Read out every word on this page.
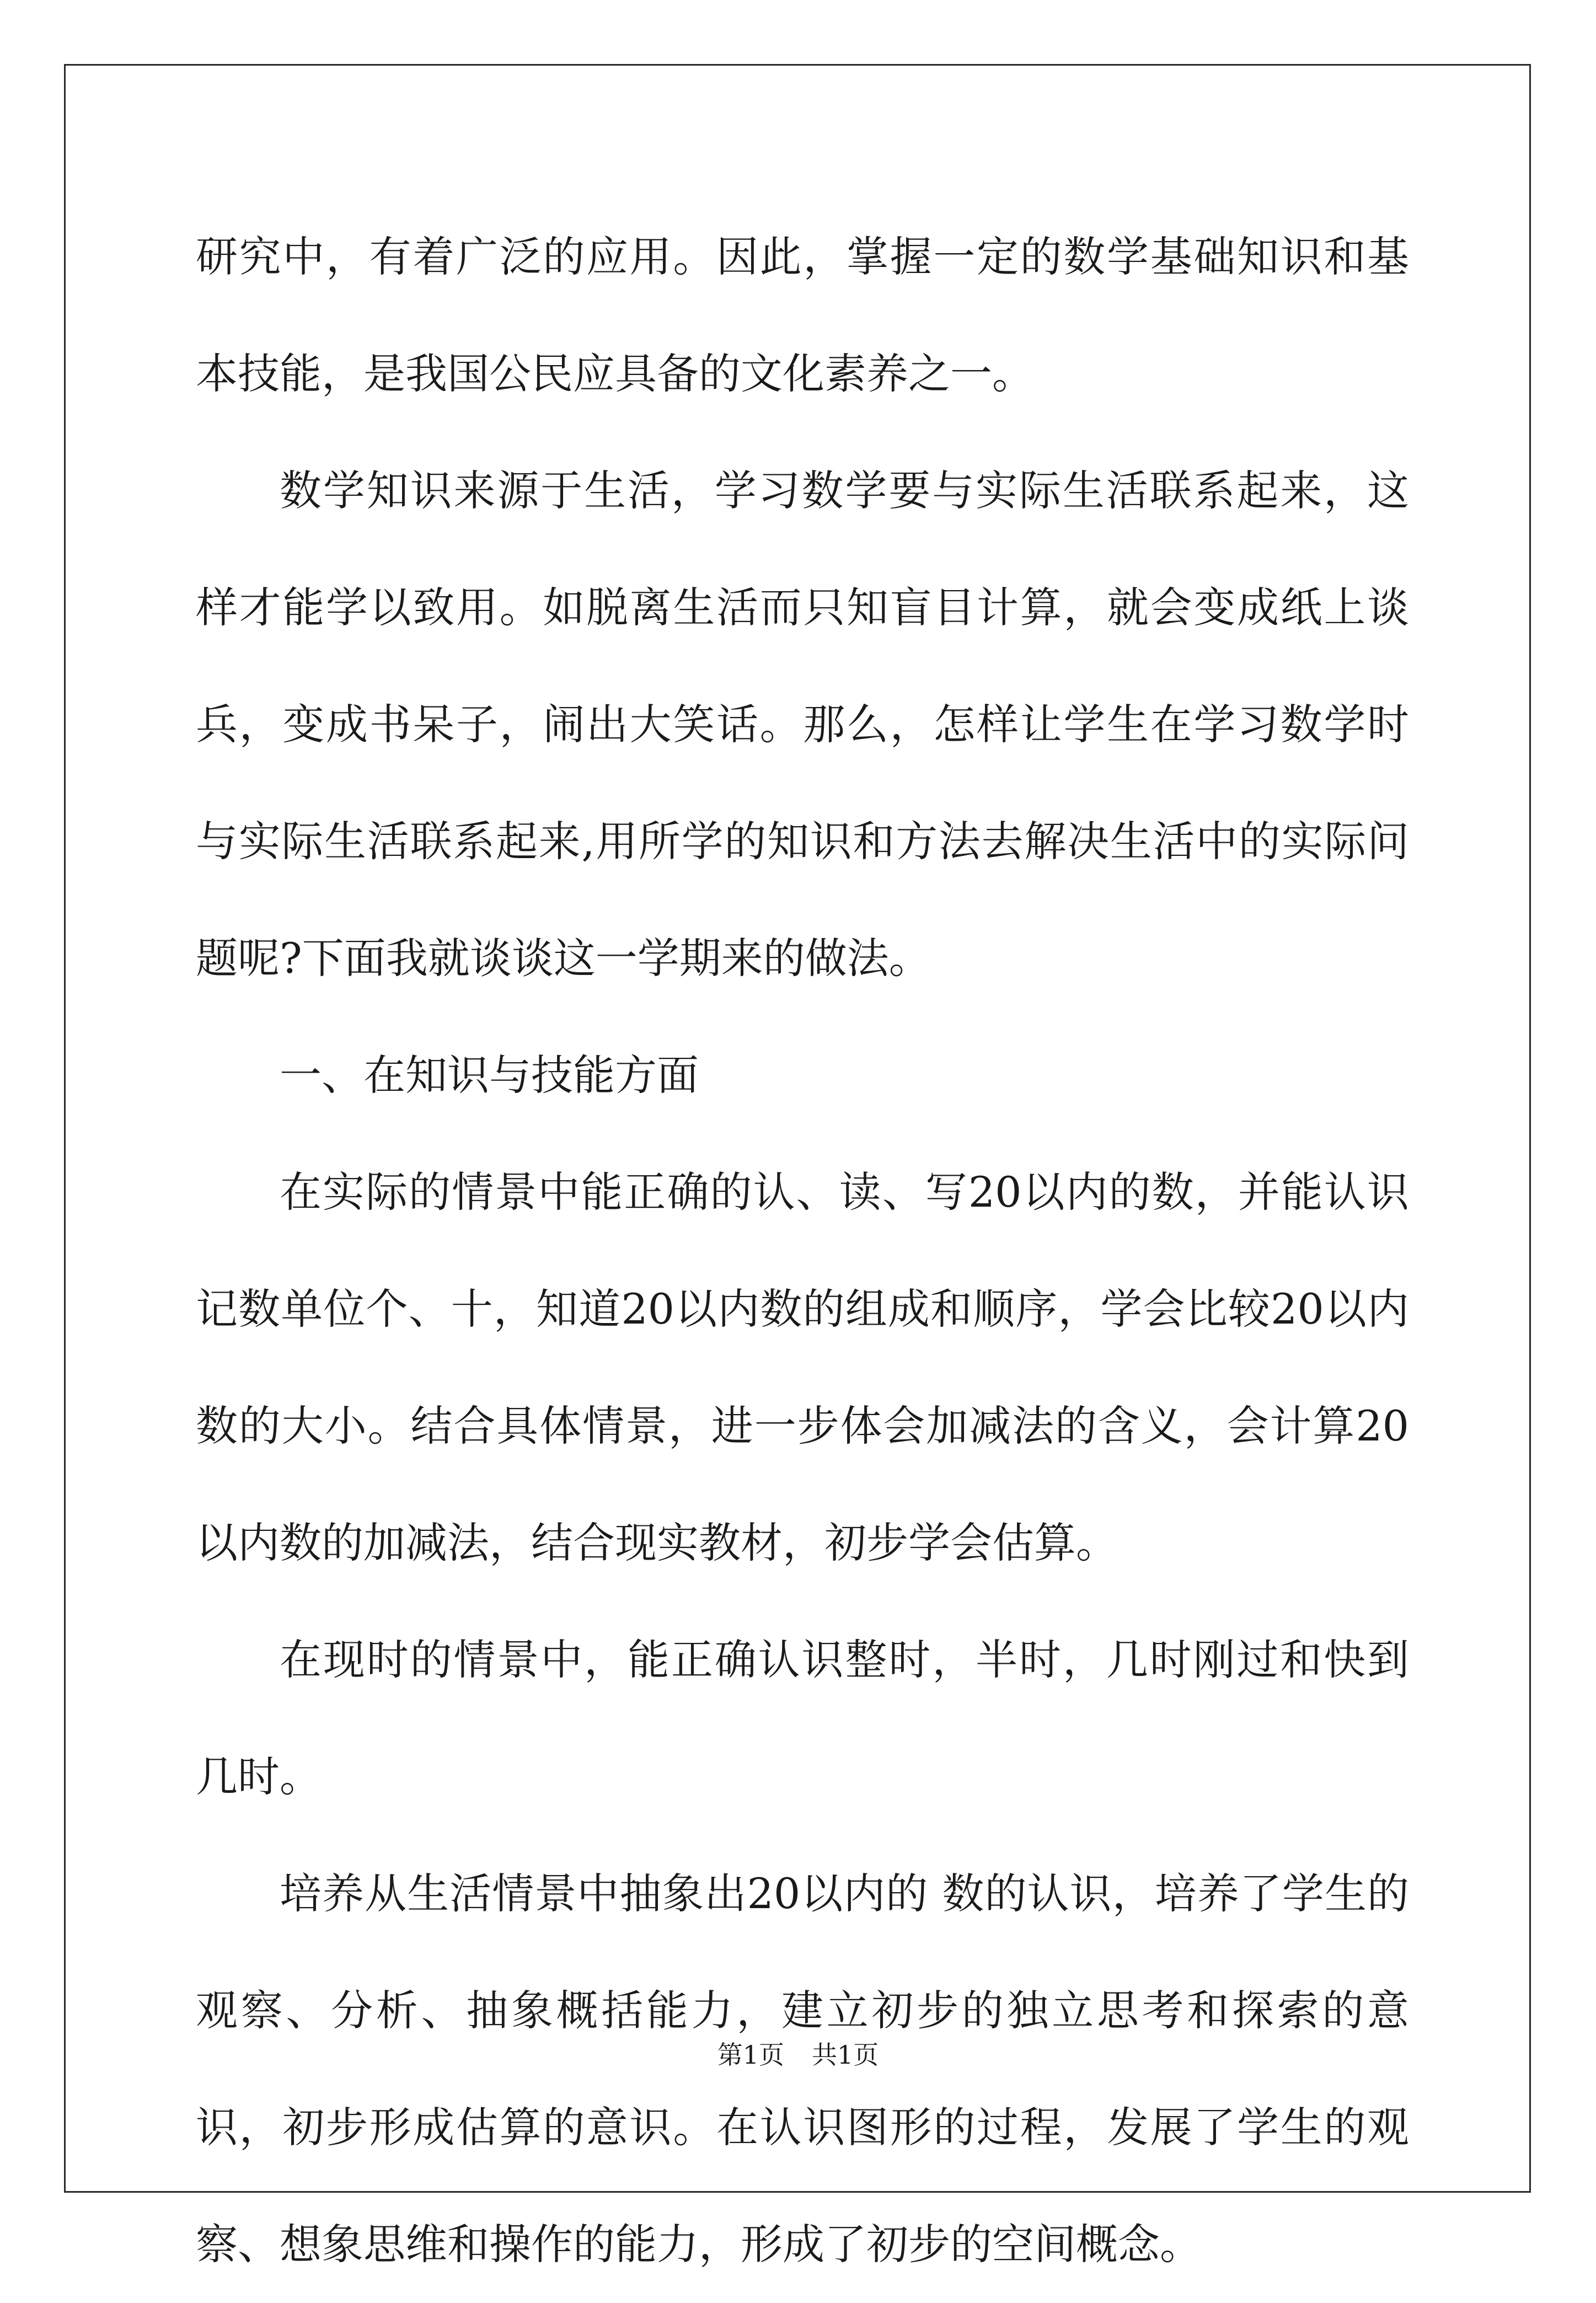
研究中，有着广泛的应用。因此，掌握一定的数学基础知识和基本技能，是我国公民应具备的文化素养之一。

数学知识来源于生活，学习数学要与实际生活联系起来，这样才能学以致用。如脱离生活而只知盲目计算，就会变成纸上谈兵，变成书呆子，闹出大笑话。那么，怎样让学生在学习数学时与实际生活联系起来,用所学的知识和方法去解决生活中的实际问题呢?下面我就谈谈这一学期来的做法。

一、在知识与技能方面

在实际的情景中能正确的认、读、写20以内的数，并能认识记数单位个、十，知道20以内数的组成和顺序，学会比较20以内数的大小。结合具体情景，进一步体会加减法的含义，会计算20以内数的加减法，结合现实教材，初步学会估算。

在现时的情景中，能正确认识整时，半时，几时刚过和快到几时。

培养从生活情景中抽象出20以内的 数的认识，培养了学生的观察、分析、抽象概括能力，建立初步的独立思考和探索的意识，初步形成估算的意识。在认识图形的过程，发展了学生的观察、想象思维和操作的能力，形成了初步的空间概念。

第1页 共1页
